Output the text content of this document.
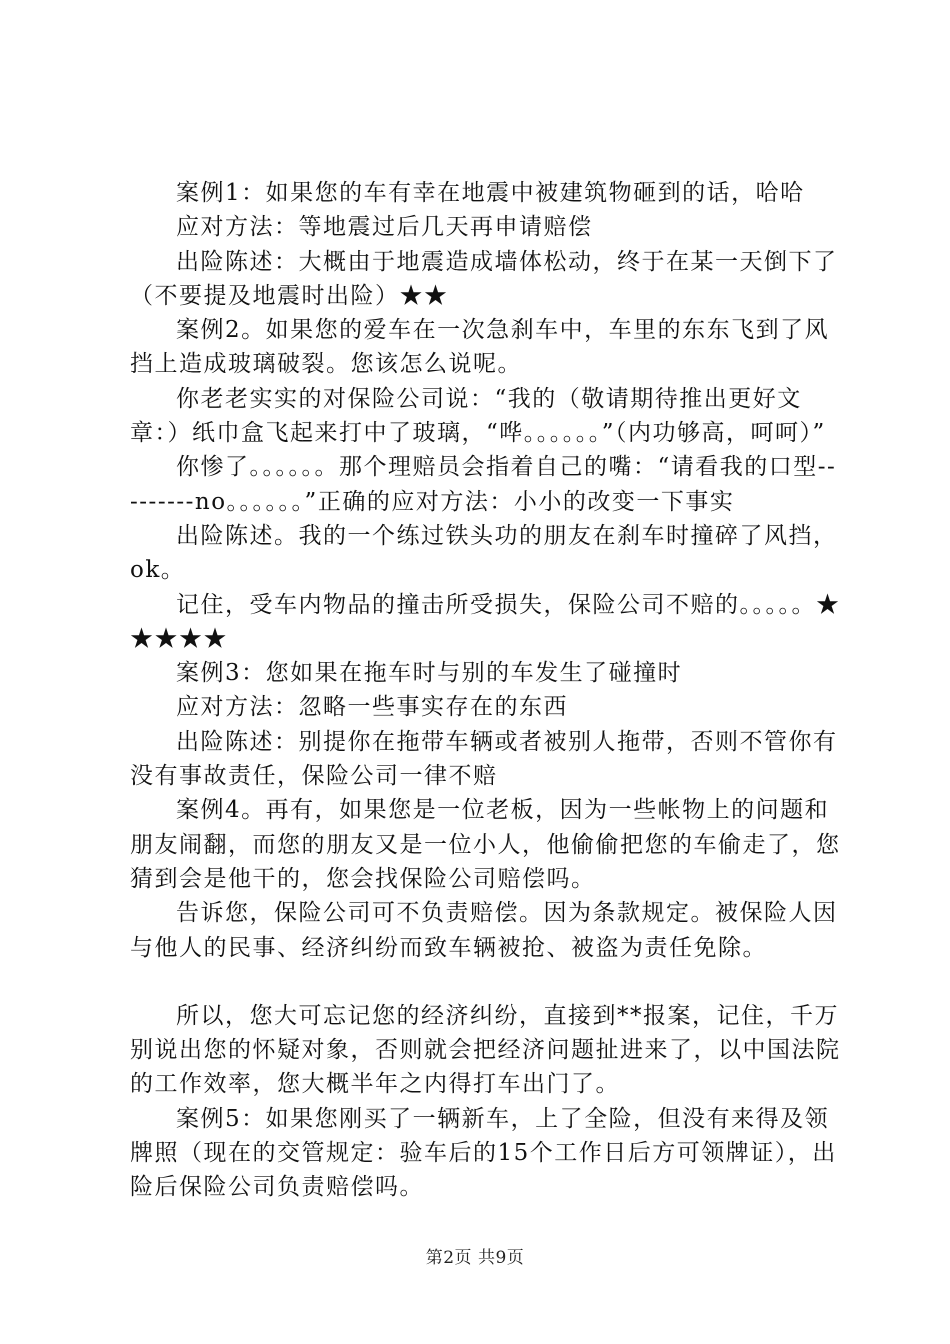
案例1：如果您的车有幸在地震中被建筑物砸到的话，哈哈

应对方法：等地震过后几天再申请赔偿

出险陈述：大概由于地震造成墙体松动，终于在某一天倒下了（不要提及地震时出险）★★

案例2。如果您的爱车在一次急刹车中，车里的东东飞到了风挡上造成玻璃破裂。您该怎么说呢。

你老老实实的对保险公司说：“我的（敬请期待推出更好文章：）纸巾盒飞起来打中了玻璃，“哗。。。。。。”（内功够高，呵呵）”

你惨了。。。。。。那个理赔员会指着自己的嘴：“请看我的口型---------no。。。。。。”正确的应对方法：小小的改变一下事实

出险陈述。我的一个练过铁头功的朋友在刹车时撞碎了风挡，ok。

记住，受车内物品的撞击所受损失，保险公司不赔的。。。。。★★★★★

案例3：您如果在拖车时与别的车发生了碰撞时

应对方法：忽略一些事实存在的东西

出险陈述：别提你在拖带车辆或者被别人拖带，否则不管你有没有事故责任，保险公司一律不赔

案例4。再有，如果您是一位老板，因为一些帐物上的问题和朋友闹翻，而您的朋友又是一位小人，他偷偷把您的车偷走了，您猜到会是他干的，您会找保险公司赔偿吗。

告诉您，保险公司可不负责赔偿。因为条款规定。被保险人因与他人的民事、经济纠纷而致车辆被抢、被盗为责任免除。

所以，您大可忘记您的经济纠纷，直接到**报案，记住，千万别说出您的怀疑对象，否则就会把经济问题扯进来了，以中国法院的工作效率，您大概半年之内得打车出门了。

案例5：如果您刚买了一辆新车，上了全险，但没有来得及领牌照（现在的交管规定：验车后的15个工作日后方可领牌证），出险后保险公司负责赔偿吗。

第2页 共9页
